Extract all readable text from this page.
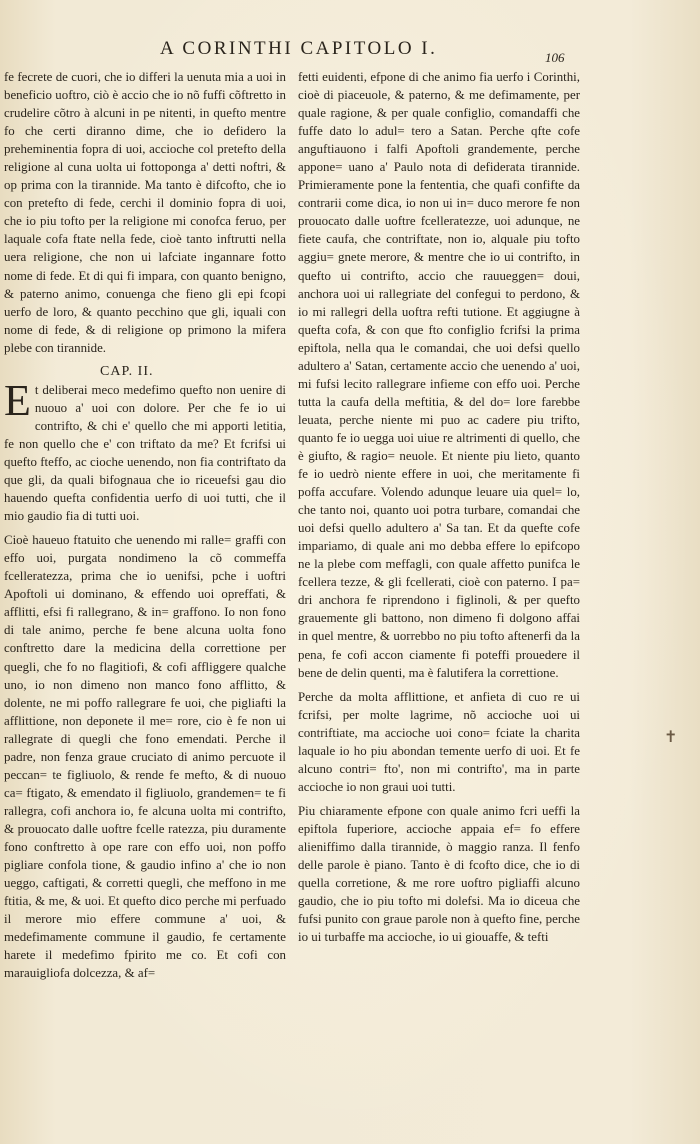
A CORINTHI CAPITOLO I.	106

fe fecrete de cuori, che io differi la uenuta mia a uoi in beneficio uoftro, ciò è accio che io nõ fuffi cõftretto in crudelire cõtro à alcuni in pe nitenti, in quefto mentre fo che certi diranno dime, che io defidero la preheminentia fopra di uoi, accioche col pretefto della religione al cuna uolta ui fottoponga a' detti noftri, & op prima con la tirannide. Ma tanto è difcofto, che io con pretefto di fede, cerchi il dominio fopra di uoi, che io piu tofto per la religione mi conofca feruo, per laquale cofa ftate nella fede, cioè tanto inftrutti nella uera religione, che non ui lafciate ingannare fotto nome di fede. Et di qui fi impara, con quanto benigno, & paterno animo, conuenga che fieno gli epi fcopi uerfo de loro, & quanto pecchino que gli, iquali con nome di fede, & di religione op primono la mifera plebe con tirannide.

CAP. II.

Et deliberai meco medefimo quefto non uenire di nuouo a' uoi con dolore. Per che fe io ui contrifto, & chi e' quello che mi apporti letitia, fe non quello che e' con triftato da me? Et fcrifsi ui quefto fteffo, ac cioche uenendo, non fia contriftato da que gli, da quali bifognaua che io riceuefsi gau dio hauendo quefta confidentia uerfo di uoi tutti, che il mio gaudio fia di tutti uoi.

Cioè haueuo ftatuito che uenendo mi ralle= graffi con effo uoi, purgata nondimeno la cõ commeffa fcelleratezza, prima che io uenifsi, pche i uoftri Apoftoli ui dominano, & effendo uoi opreffati, & afflitti, efsi fi rallegrano, & in= graffono. Io non fono di tale animo, perche fe bene alcuna uolta fono conftretto dare la medicina della correttione per quegli, che fo no flagitiofi, & cofi affliggere qualche uno, io non dimeno non manco fono afflitto, & dolente, ne mi poffo rallegrare fe uoi, che pigliafti la afflittione, non deponete il me= rore, cio è fe non ui rallegrate di quegli che fono emendati. Perche il padre, non fenza graue cruciato di animo percuote il peccan= te figliuolo, & rende fe mefto, & di nuouo ca= ftigato, & emendato il figliuolo, grandemen= te fi rallegra, cofi anchora io, fe alcuna uolta mi contrifto, & prouocato dalle uoftre fcelle ratezza, piu duramente fono conftretto à ope rare con effo uoi, non poffo pigliare confola tione, & gaudio infino a' che io non ueggo, caftigati, & corretti quegli, che meffono in me ftitia, & me, & uoi. Et quefto dico perche mi perfuado il merore mio effere commune a' uoi, & medefimamente commune il gaudio, fe certamente harete il medefimo fpirito me co. Et cofi con marauigliofa dolcezza, & af=

fetti euidenti, efpone di che animo fia uerfo i Corinthi, cioè di piaceuole, & paterno, & me defimamente, per quale ragione, & per quale configlio, comandaffi che fuffe dato lo adul= tero a Satan. Perche qfte cofe anguftiauono i falfi Apoftoli grandemente, perche appone= uano a' Paulo nota di defiderata tirannide. Primieramente pone la fententia, che quafi confifte da contrarii come dica, io non ui in= duco merore fe non prouocato dalle uoftre fcelleratezze, uoi adunque, ne fiete caufa, che contriftate, non io, alquale piu tofto aggiu= gnete merore, & mentre che io ui contrifto, in quefto ui contrifto, accio che rauueggen= doui, anchora uoi ui rallegriate del confegui to perdono, & io mi rallegri della uoftra refti tutione. Et aggiugne à quefta cofa, & con que fto configlio fcrifsi la prima epiftola, nella qua le comandai, che uoi defsi quello adultero a' Satan, certamente accio che uenendo a' uoi, mi fufsi lecito rallegrare infieme con effo uoi. Perche tutta la caufa della meftitia, & del do= lore farebbe leuata, perche niente mi puo ac cadere piu trifto, quanto fe io uegga uoi uiue re altrimenti di quello, che è giufto, & ragio= neuole. Et niente piu lieto, quanto fe io uedrò niente effere in uoi, che meritamente fi poffa accufare. Volendo adunque leuare uia quel= lo, che tanto noi, quanto uoi potra turbare, comandai che uoi defsi quello adultero a' Sa tan. Et da quefte cofe impariamo, di quale ani mo debba effere lo epifcopo ne la plebe com meffagli, con quale affetto punifca le fcellera tezze, & gli fcellerati, cioè con paterno. I pa= dri anchora fe riprendono i figlinoli, & per quefto grauemente gli battono, non dimeno fi dolgono affai in quel mentre, & uorrebbo no piu tofto aftenerfi da la pena, fe cofi accon ciamente fi poteffi prouedere il bene de delin quenti, ma è falutifera la correttione.

Perche da molta afflittione, et anfieta di cuo re ui fcrifsi, per molte lagrime, nõ accioche uoi ui contriftiate, ma accioche uoi cono= fciate la charita laquale io ho piu abondan temente uerfo di uoi. Et fe alcuno contri= fto', non mi contrifto', ma in parte accioche io non graui uoi tutti.

Piu chiaramente efpone con quale animo fcri ueffi la epiftola fuperiore, accioche appaia ef= fo effere alieniffimo dalla tirannide, ò maggio ranza. Il fenfo delle parole è piano. Tanto è di fcofto dice, che io di quella corretione, & me rore uoftro pigliaffi alcuno gaudio, che io piu tofto mi dolefsi. Ma io diceua che fufsi punito con graue parole non à quefto fine, perche io ui turbaffe ma accioche, io ui giouaffe, & tefti

✝
